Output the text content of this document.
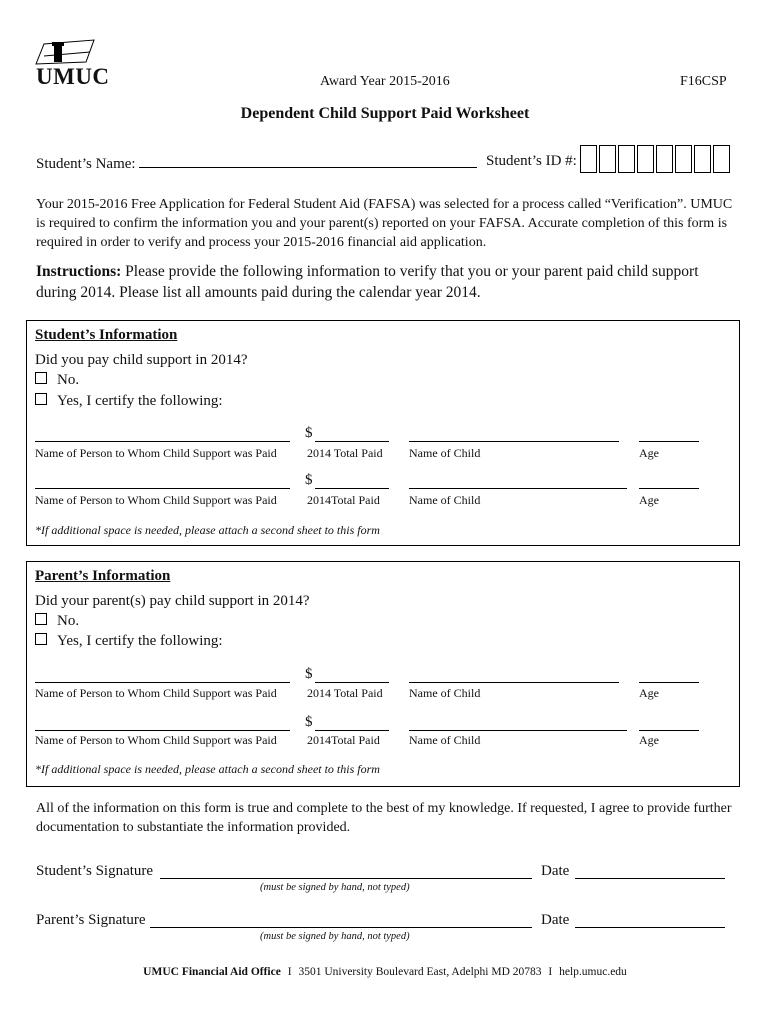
UMUC	Award Year 2015-2016	F16CSP
Dependent Child Support Paid Worksheet
Student’s Name:	Student’s ID #:
Your 2015-2016 Free Application for Federal Student Aid (FAFSA) was selected for a process called “Verification”. UMUC is required to confirm the information you and your parent(s) reported on your FAFSA. Accurate completion of this form is required in order to verify and process your 2015-2016 financial aid application.
Instructions: Please provide the following information to verify that you or your parent paid child support during 2014. Please list all amounts paid during the calendar year 2014.
Student’s Information
Did you pay child support in 2014?
No.
Yes, I certify the following:
$
Name of Person to Whom Child Support was Paid	2014 Total Paid Name of Child	Age
$
Name of Person to Whom Child Support was Paid	2014Total Paid Name of Child	Age
*If additional space is needed, please attach a second sheet to this form
Parent’s Information
Did your parent(s) pay child support in 2014?
No.
Yes, I certify the following:
$
Name of Person to Whom Child Support was Paid	2014 Total Paid Name of Child	Age
$
Name of Person to Whom Child Support was Paid	2014Total Paid Name of Child	Age
*If additional space is needed, please attach a second sheet to this form
All of the information on this form is true and complete to the best of my knowledge. If requested, I agree to provide further documentation to substantiate the information provided.
Student’s Signature	Date
(must be signed by hand, not typed)
Parent’s Signature	Date
(must be signed by hand, not typed)
UMUC Financial Aid Office I 3501 University Boulevard East, Adelphi MD 20783 I help.umuc.edu
